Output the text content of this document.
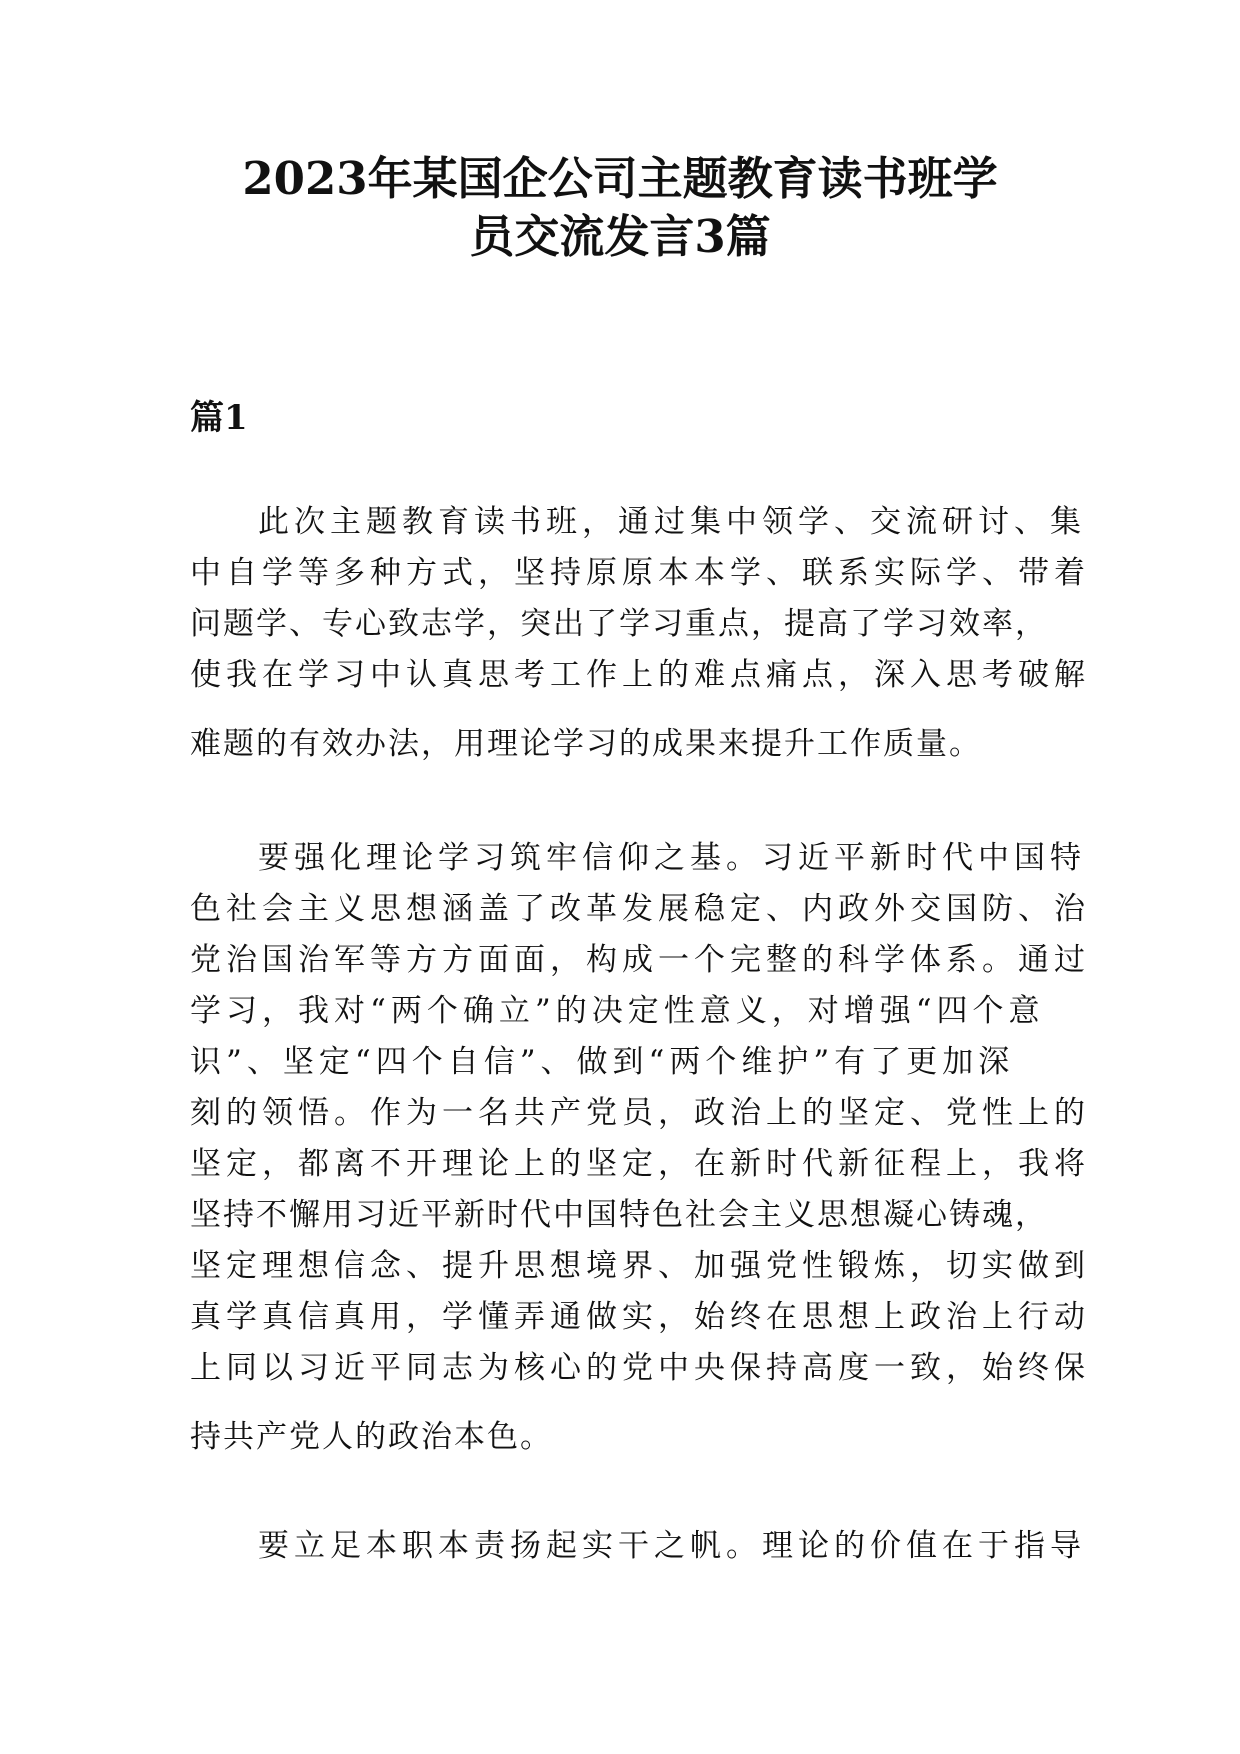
2023年某国企公司主题教育读书班学
员交流发言3篇
篇1
此次主题教育读书班，通过集中领学、交流研讨、集
中自学等多种方式，坚持原原本本学、联系实际学、带着
问题学、专心致志学，突出了学习重点，提高了学习效率，
使我在学习中认真思考工作上的难点痛点，深入思考破解
难题的有效办法，用理论学习的成果来提升工作质量。
要强化理论学习筑牢信仰之基。习近平新时代中国特
色社会主义思想涵盖了改革发展稳定、内政外交国防、治
党治国治军等方方面面，构成一个完整的科学体系。通过
学习，我对“两个确立”的决定性意义，对增强“四个意
识”、坚定“四个自信”、做到“两个维护”有了更加深
刻的领悟。作为一名共产党员，政治上的坚定、党性上的
坚定，都离不开理论上的坚定，在新时代新征程上，我将
坚持不懈用习近平新时代中国特色社会主义思想凝心铸魂，
坚定理想信念、提升思想境界、加强党性锻炼，切实做到
真学真信真用，学懂弄通做实，始终在思想上政治上行动
上同以习近平同志为核心的党中央保持高度一致，始终保
持共产党人的政治本色。
要立足本职本责扬起实干之帆。理论的价值在于指导
